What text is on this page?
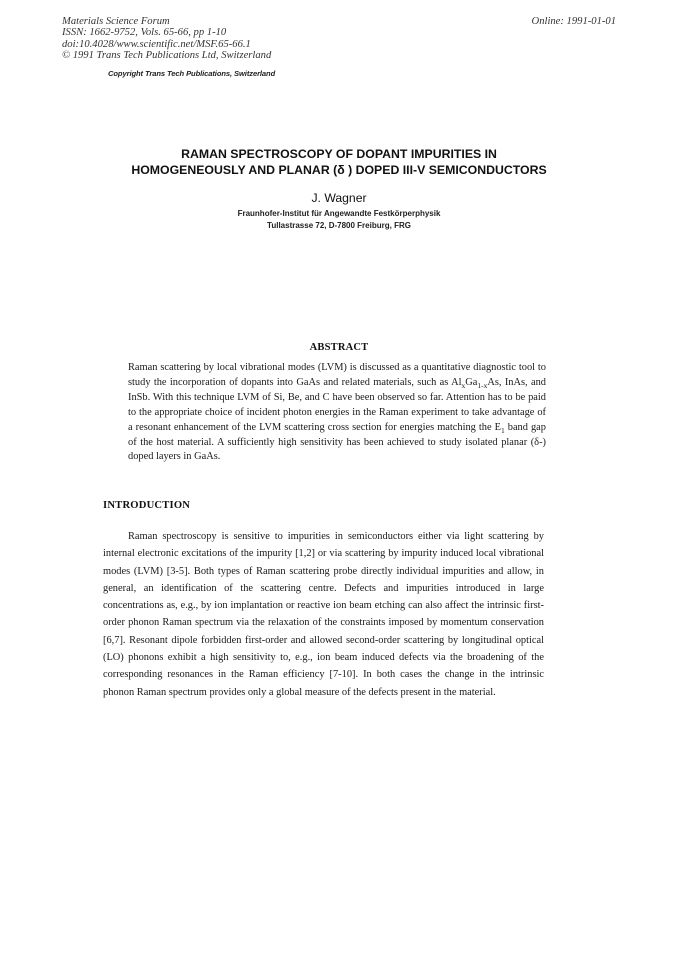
Materials Science Forum
ISSN: 1662-9752, Vols. 65-66, pp 1-10
doi:10.4028/www.scientific.net/MSF.65-66.1
© 1991 Trans Tech Publications Ltd, Switzerland
Online: 1991-01-01
Copyright Trans Tech Publications, Switzerland
RAMAN SPECTROSCOPY OF DOPANT IMPURITIES IN
HOMOGENEOUSLY AND PLANAR (δ ) DOPED III-V SEMICONDUCTORS
J. Wagner
Fraunhofer-Institut für Angewandte Festkörperphysik
Tullastrasse 72, D-7800 Freiburg, FRG
ABSTRACT
Raman scattering by local vibrational modes (LVM) is discussed as a quantitative diagnostic tool to study the incorporation of dopants into GaAs and related materials, such as $Al_xGa_{1-x}As$, InAs, and InSb. With this technique LVM of Si, Be, and C have been observed so far. Attention has to be paid to the appropriate choice of incident photon energies in the Raman experiment to take advantage of a resonant enhancement of the LVM scattering cross section for energies matching the $E_1$ band gap of the host material. A sufficiently high sensitivity has been achieved to study isolated planar (δ-) doped layers in GaAs.
INTRODUCTION
Raman spectroscopy is sensitive to impurities in semiconductors either via light scattering by internal electronic excitations of the impurity [1,2] or via scattering by impurity induced local vibrational modes (LVM) [3-5]. Both types of Raman scattering probe directly individual impurities and allow, in general, an identification of the scattering centre. Defects and impurities introduced in large concentrations as, e.g., by ion implantation or reactive ion beam etching can also affect the intrinsic first-order phonon Raman spectrum via the relaxation of the constraints imposed by momentum conservation [6,7]. Resonant dipole forbidden first-order and allowed second-order scattering by longitudinal optical (LO) phonons exhibit a high sensitivity to, e.g., ion beam induced defects via the broadening of the corresponding resonances in the Raman efficiency [7-10]. In both cases the change in the intrinsic phonon Raman spectrum provides only a global measure of the defects present in the material.
